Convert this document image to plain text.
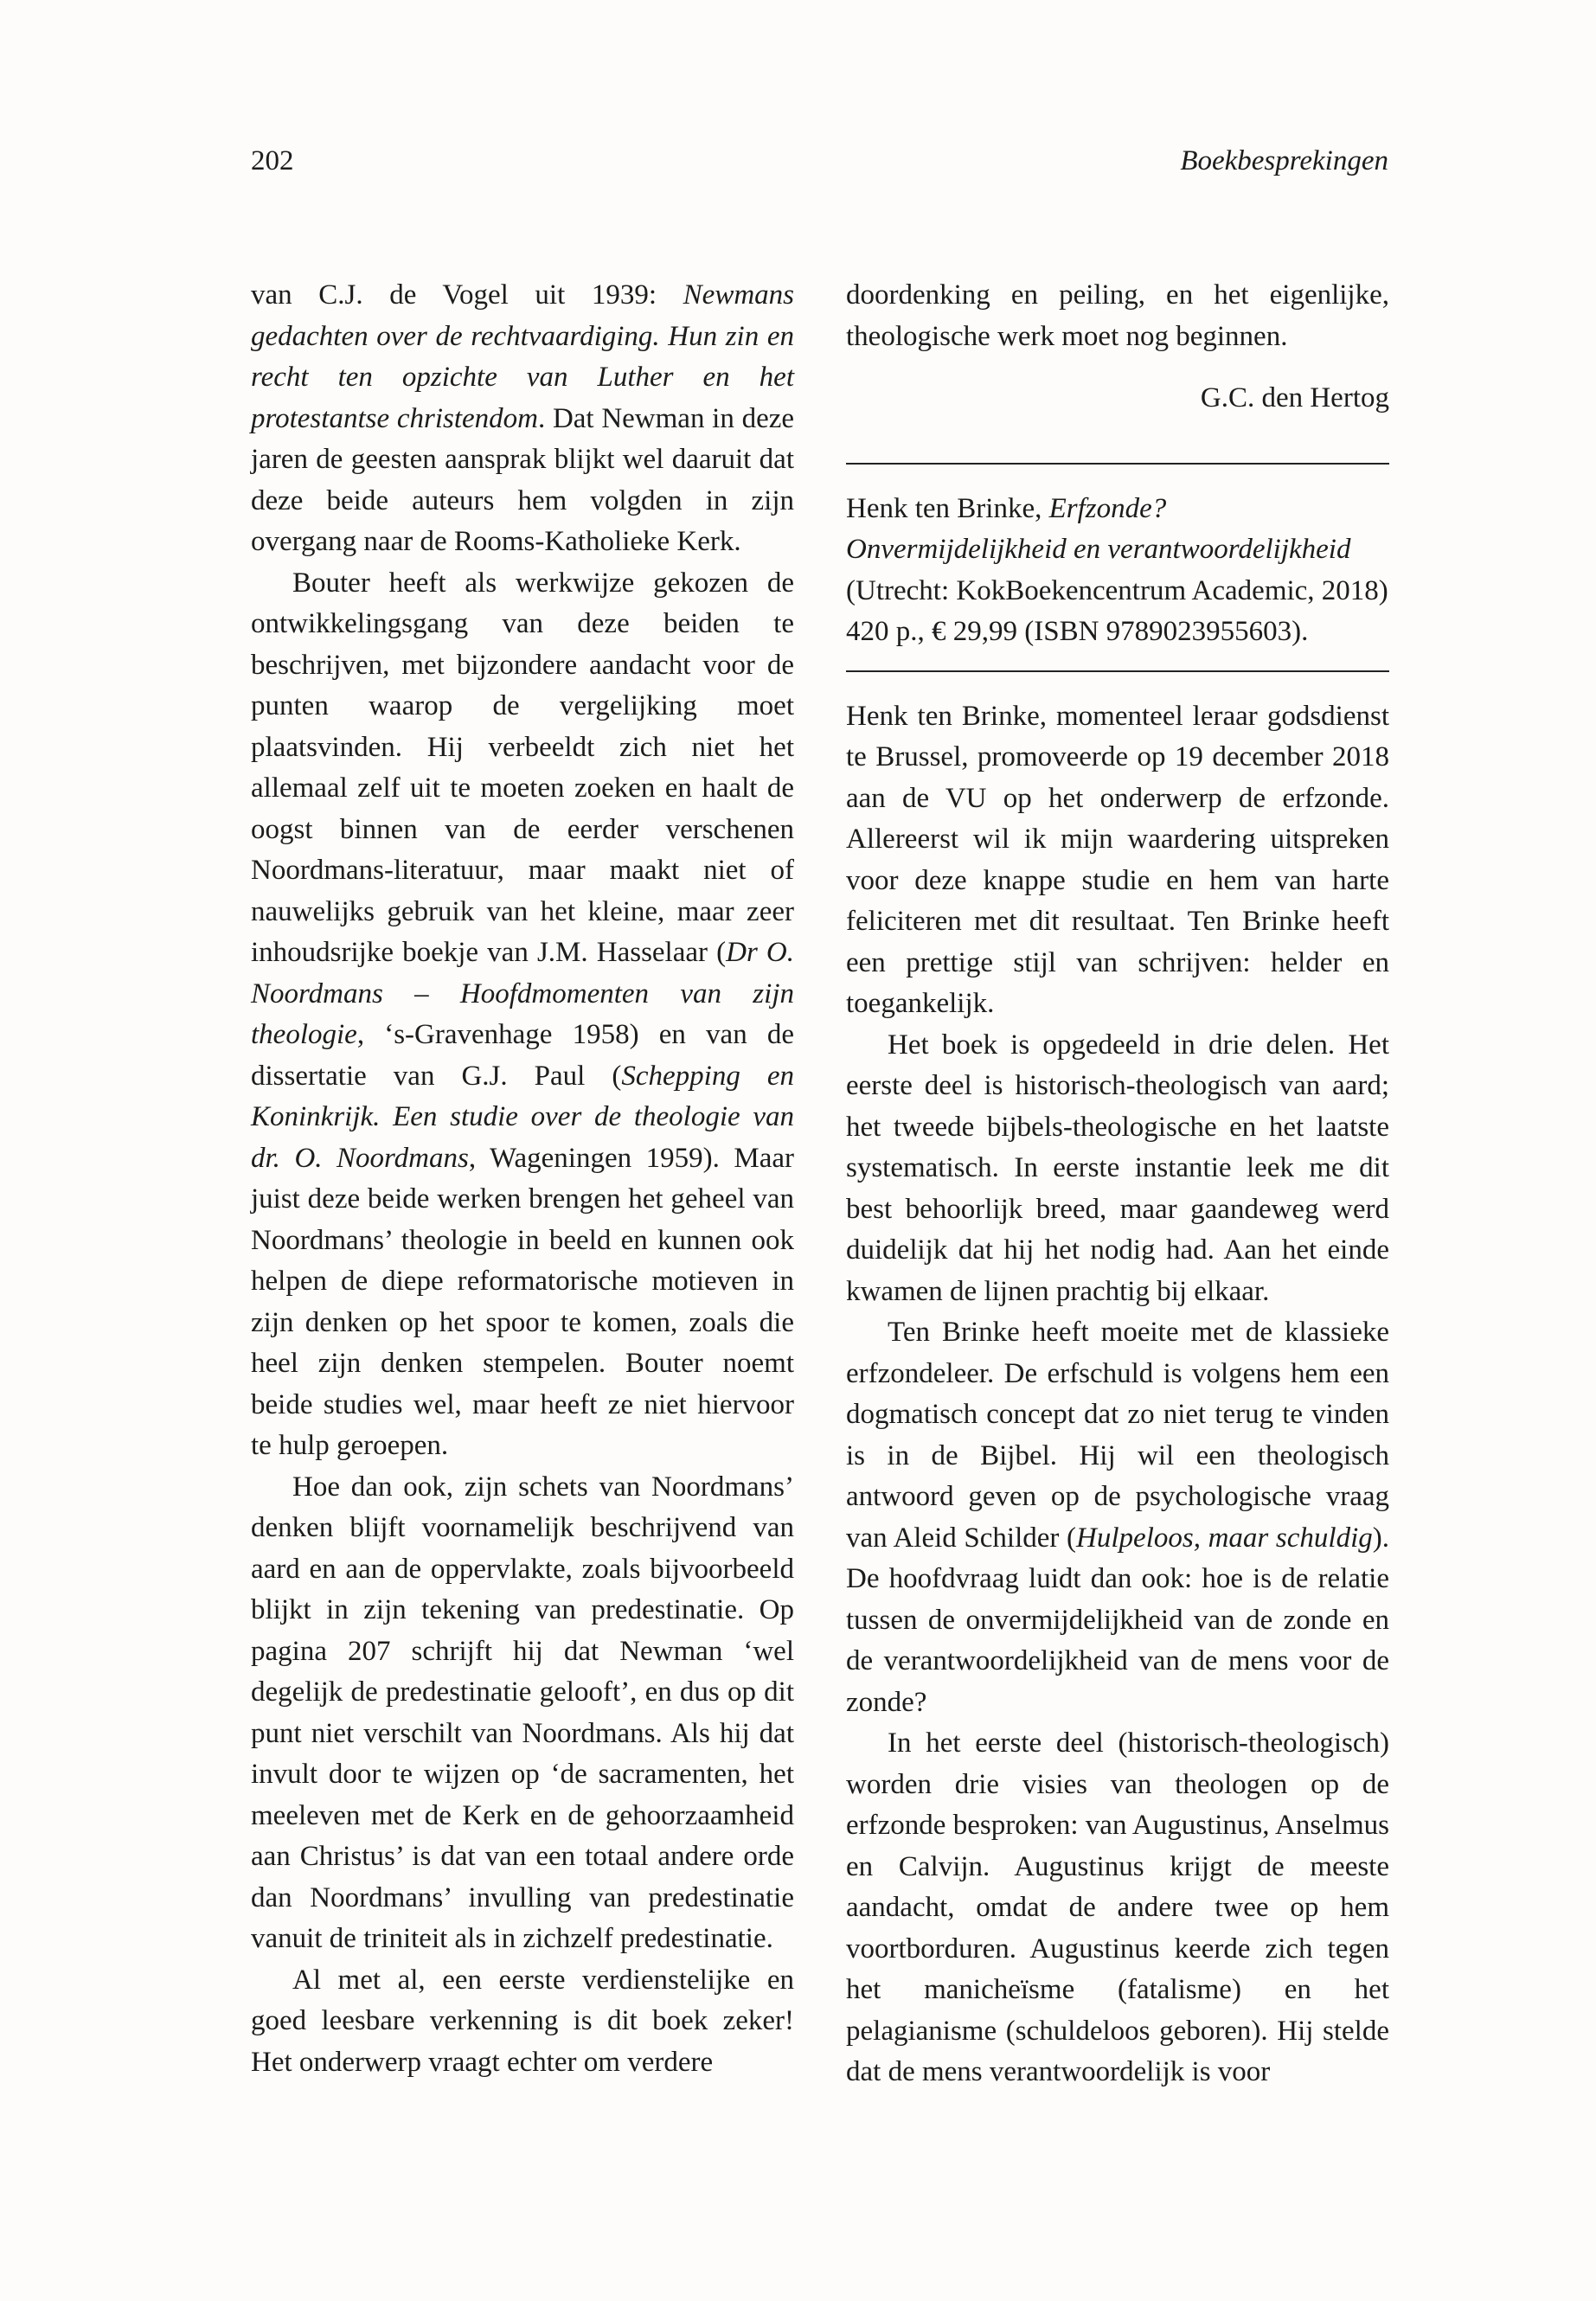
202	Boekbesprekingen

van C.J. de Vogel uit 1939: Newmans gedachten over de rechtvaardiging. Hun zin en recht ten opzichte van Luther en het protestantse christendom. Dat Newman in deze jaren de geesten aansprak blijkt wel daaruit dat deze beide auteurs hem volgden in zijn overgang naar de Rooms-Katholieke Kerk.

Bouter heeft als werkwijze gekozen de ontwikkelingsgang van deze beiden te beschrijven, met bijzondere aandacht voor de punten waarop de vergelijking moet plaatsvinden. Hij verbeeldt zich niet het allemaal zelf uit te moeten zoeken en haalt de oogst binnen van de eerder verschenen Noordmans-literatuur, maar maakt niet of nauwelijks gebruik van het kleine, maar zeer inhoudsrijke boekje van J.M. Hasselaar (Dr O. Noordmans – Hoofdmomenten van zijn theologie, ‘s-Gravenhage 1958) en van de dissertatie van G.J. Paul (Schepping en Koninkrijk. Een studie over de theologie van dr. O. Noordmans, Wageningen 1959). Maar juist deze beide werken brengen het geheel van Noordmans’ theologie in beeld en kunnen ook helpen de diepe reformatorische motieven in zijn denken op het spoor te komen, zoals die heel zijn denken stempelen. Bouter noemt beide studies wel, maar heeft ze niet hiervoor te hulp geroepen.

Hoe dan ook, zijn schets van Noordmans’ denken blijft voornamelijk beschrijvend van aard en aan de oppervlakte, zoals bijvoorbeeld blijkt in zijn tekening van predestinatie. Op pagina 207 schrijft hij dat Newman ‘wel degelijk de predestinatie gelooft’, en dus op dit punt niet verschilt van Noordmans. Als hij dat invult door te wijzen op ‘de sacramenten, het meeleven met de Kerk en de gehoorzaamheid aan Christus’ is dat van een totaal andere orde dan Noordmans’ invulling van predestinatie vanuit de triniteit als in zichzelf predestinatie.

Al met al, een eerste verdienstelijke en goed leesbare verkenning is dit boek zeker! Het onderwerp vraagt echter om verdere

doordenking en peiling, en het eigenlijke, theologische werk moet nog beginnen.

G.C. den Hertog

Henk ten Brinke, Erfzonde? Onvermijdelijkheid en verantwoordelijkheid (Utrecht: KokBoekencentrum Academic, 2018) 420 p., € 29,99 (ISBN 9789023955603).

Henk ten Brinke, momenteel leraar godsdienst te Brussel, promoveerde op 19 december 2018 aan de VU op het onderwerp de erfzonde. Allereerst wil ik mijn waardering uitspreken voor deze knappe studie en hem van harte feliciteren met dit resultaat. Ten Brinke heeft een prettige stijl van schrijven: helder en toegankelijk.

Het boek is opgedeeld in drie delen. Het eerste deel is historisch-theologisch van aard; het tweede bijbels-theologische en het laatste systematisch. In eerste instantie leek me dit best behoorlijk breed, maar gaandeweg werd duidelijk dat hij het nodig had. Aan het einde kwamen de lijnen prachtig bij elkaar.

Ten Brinke heeft moeite met de klassieke erfzondeleer. De erfschuld is volgens hem een dogmatisch concept dat zo niet terug te vinden is in de Bijbel. Hij wil een theologisch antwoord geven op de psychologische vraag van Aleid Schilder (Hulpeloos, maar schuldig). De hoofdvraag luidt dan ook: hoe is de relatie tussen de onvermijdelijkheid van de zonde en de verantwoordelijkheid van de mens voor de zonde?

In het eerste deel (historisch-theologisch) worden drie visies van theologen op de erfzonde besproken: van Augustinus, Anselmus en Calvijn. Augustinus krijgt de meeste aandacht, omdat de andere twee op hem voortborduren. Augustinus keerde zich tegen het manicheïsme (fatalisme) en het pelagianisme (schuldeloos geboren). Hij stelde dat de mens verantwoordelijk is voor
